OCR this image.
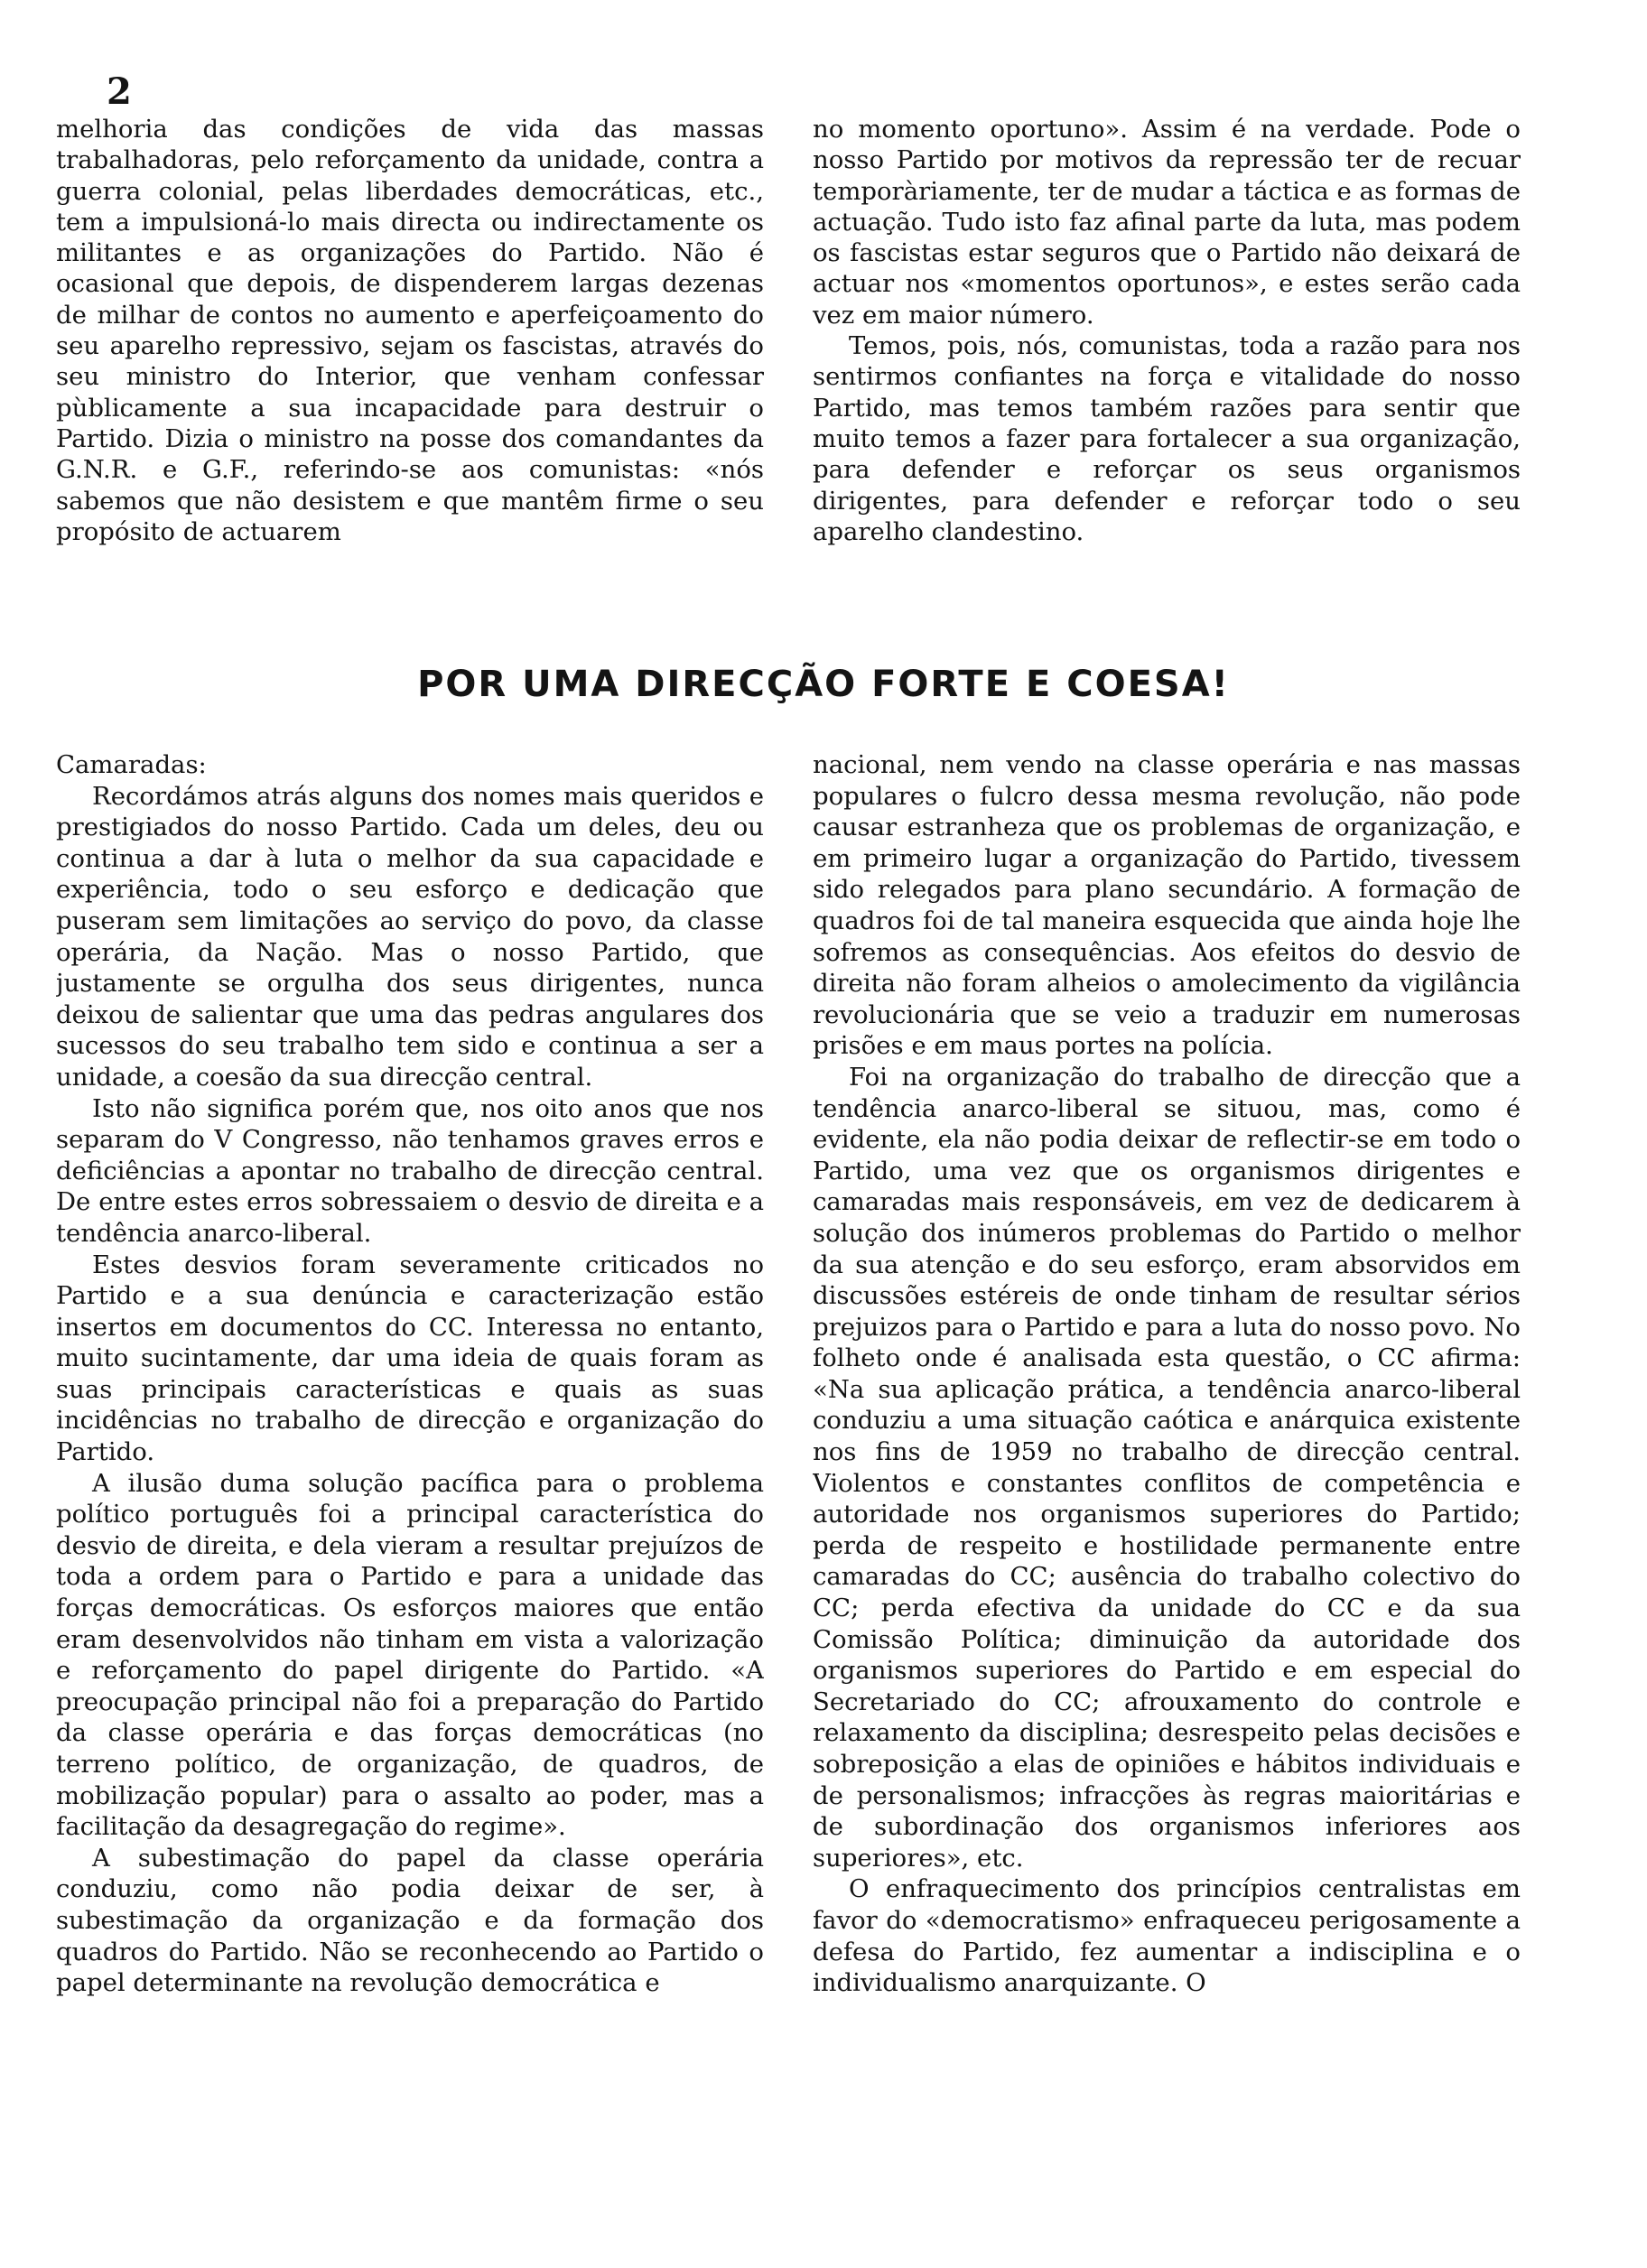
2

melhoria das condições de vida das massas trabalhadoras, pelo reforçamento da unidade, contra a guerra colonial, pelas liberdades democráticas, etc., tem a impulsioná-lo mais directa ou indirectamente os militantes e as organizações do Partido. Não é ocasional que depois, de dispenderem largas dezenas de milhar de contos no aumento e aperfeiçoamento do seu aparelho repressivo, sejam os fascistas, através do seu ministro do Interior, que venham confessar pùblicamente a sua incapacidade para destruir o Partido. Dizia o ministro na posse dos comandantes da G.N.R. e G.F., referindo-se aos comunistas: «nós sabemos que não desistem e que mantêm firme o seu propósito de actuarem

no momento oportuno». Assim é na verdade. Pode o nosso Partido por motivos da repressão ter de recuar temporàriamente, ter de mudar a táctica e as formas de actuação. Tudo isto faz afinal parte da luta, mas podem os fascistas estar seguros que o Partido não deixará de actuar nos «momentos oportunos», e estes serão cada vez em maior número.

Temos, pois, nós, comunistas, toda a razão para nos sentirmos confiantes na força e vitalidade do nosso Partido, mas temos também razões para sentir que muito temos a fazer para fortalecer a sua organização, para defender e reforçar os seus organismos dirigentes, para defender e reforçar todo o seu aparelho clandestino.

POR UMA DIRECÇÃO FORTE E COESA!

Camaradas:

Recordámos atrás alguns dos nomes mais queridos e prestigiados do nosso Partido. Cada um deles, deu ou continua a dar à luta o melhor da sua capacidade e experiência, todo o seu esforço e dedicação que puseram sem limitações ao serviço do povo, da classe operária, da Nação. Mas o nosso Partido, que justamente se orgulha dos seus dirigentes, nunca deixou de salientar que uma das pedras angulares dos sucessos do seu trabalho tem sido e continua a ser a unidade, a coesão da sua direcção central.

Isto não significa porém que, nos oito anos que nos separam do V Congresso, não tenhamos graves erros e deficiências a apontar no trabalho de direcção central. De entre estes erros sobressaiem o desvio de direita e a tendência anarco-liberal.

Estes desvios foram severamente criticados no Partido e a sua denúncia e caracterização estão insertos em documentos do CC. Interessa no entanto, muito sucintamente, dar uma ideia de quais foram as suas principais características e quais as suas incidências no trabalho de direcção e organização do Partido.

A ilusão duma solução pacífica para o problema político português foi a principal característica do desvio de direita, e dela vieram a resultar prejuízos de toda a ordem para o Partido e para a unidade das forças democráticas. Os esforços maiores que então eram desenvolvidos não tinham em vista a valorização e reforçamento do papel dirigente do Partido. «A preocupação principal não foi a preparação do Partido da classe operária e das forças democráticas (no terreno político, de organização, de quadros, de mobilização popular) para o assalto ao poder, mas a facilitação da desagregação do regime».

A subestimação do papel da classe operária conduziu, como não podia deixar de ser, à subestimação da organização e da formação dos quadros do Partido. Não se reconhecendo ao Partido o papel determinante na revolução democrática e

nacional, nem vendo na classe operária e nas massas populares o fulcro dessa mesma revolução, não pode causar estranheza que os problemas de organização, e em primeiro lugar a organização do Partido, tivessem sido relegados para plano secundário. A formação de quadros foi de tal maneira esquecida que ainda hoje lhe sofremos as consequências. Aos efeitos do desvio de direita não foram alheios o amolecimento da vigilância revolucionária que se veio a traduzir em numerosas prisões e em maus portes na polícia.

Foi na organização do trabalho de direcção que a tendência anarco-liberal se situou, mas, como é evidente, ela não podia deixar de reflectir-se em todo o Partido, uma vez que os organismos dirigentes e camaradas mais responsáveis, em vez de dedicarem à solução dos inúmeros problemas do Partido o melhor da sua atenção e do seu esforço, eram absorvidos em discussões estéreis de onde tinham de resultar sérios prejuizos para o Partido e para a luta do nosso povo. No folheto onde é analisada esta questão, o CC afirma: «Na sua aplicação prática, a tendência anarco-liberal conduziu a uma situação caótica e anárquica existente nos fins de 1959 no trabalho de direcção central. Violentos e constantes conflitos de competência e autoridade nos organismos superiores do Partido; perda de respeito e hostilidade permanente entre camaradas do CC; ausência do trabalho colectivo do CC; perda efectiva da unidade do CC e da sua Comissão Política; diminuição da autoridade dos organismos superiores do Partido e em especial do Secretariado do CC; afrouxamento do controle e relaxamento da disciplina; desrespeito pelas decisões e sobreposição a elas de opiniões e hábitos individuais e de personalismos; infracções às regras maioritárias e de subordinação dos organismos inferiores aos superiores», etc.

O enfraquecimento dos princípios centralistas em favor do «democratismo» enfraqueceu perigosamente a defesa do Partido, fez aumentar a indisciplina e o individualismo anarquizante. O
